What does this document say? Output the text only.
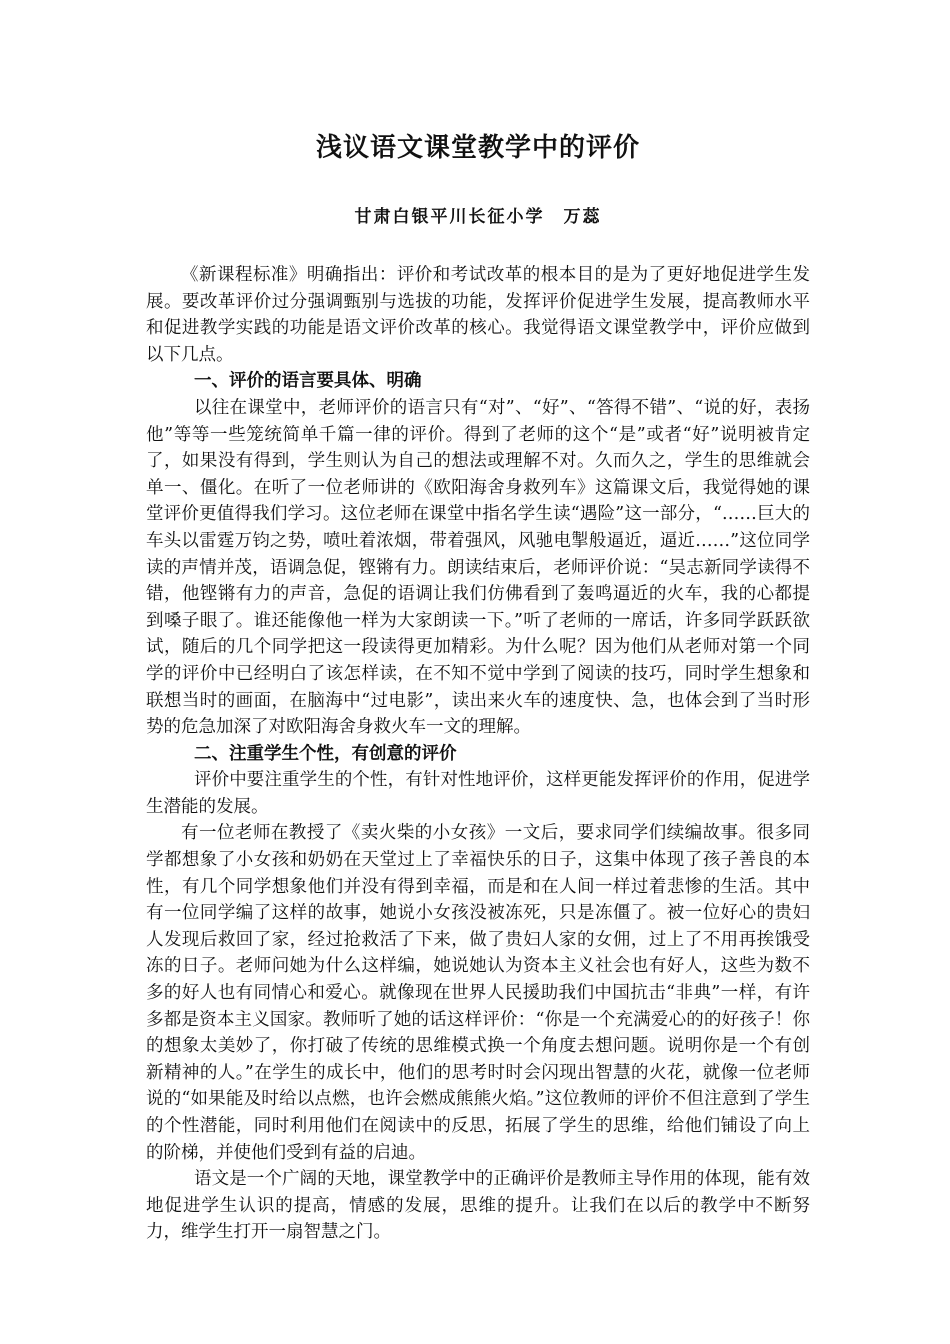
浅议语文课堂教学中的评价
甘肃白银平川长征小学　万蕊

《新课程标准》明确指出：评价和考试改革的根本目的是为了更好地促进学生发展。要改革评价过分强调甄别与选拔的功能，发挥评价促进学生发展，提高教师水平和促进教学实践的功能是语文评价改革的核心。我觉得语文课堂教学中，评价应做到以下几点。

一、评价的语言要具体、明确

以往在课堂中，老师评价的语言只有“对”、“好”、“答得不错”、“说的好，表扬他”等等一些笼统简单千篇一律的评价。得到了老师的这个“是”或者“好”说明被肯定了，如果没有得到，学生则认为自己的想法或理解不对。久而久之，学生的思维就会单一、僵化。在听了一位老师讲的《欧阳海舍身救列车》这篇课文后，我觉得她的课堂评价更值得我们学习。这位老师在课堂中指名学生读“遇险”这一部分，“……巨大的车头以雷霆万钧之势，喷吐着浓烟，带着强风，风驰电掣般逼近，逼近……”这位同学读的声情并茂，语调急促，铿锵有力。朗读结束后，老师评价说：“吴志新同学读得不错，他铿锵有力的声音，急促的语调让我们仿佛看到了轰鸣逼近的火车，我的心都提到嗓子眼了。谁还能像他一样为大家朗读一下。”听了老师的一席话，许多同学跃跃欲试，随后的几个同学把这一段读得更加精彩。为什么呢？因为他们从老师对第一个同学的评价中已经明白了该怎样读，在不知不觉中学到了阅读的技巧，同时学生想象和联想当时的画面，在脑海中“过电影”，读出来火车的速度快、急，也体会到了当时形势的危急加深了对欧阳海舍身救火车一文的理解。

二、注重学生个性，有创意的评价

评价中要注重学生的个性，有针对性地评价，这样更能发挥评价的作用，促进学生潜能的发展。

有一位老师在教授了《卖火柴的小女孩》一文后，要求同学们续编故事。很多同学都想象了小女孩和奶奶在天堂过上了幸福快乐的日子，这集中体现了孩子善良的本性，有几个同学想象他们并没有得到幸福，而是和在人间一样过着悲惨的生活。其中有一位同学编了这样的故事，她说小女孩没被冻死，只是冻僵了。被一位好心的贵妇人发现后救回了家，经过抢救活了下来，做了贵妇人家的女佣，过上了不用再挨饿受冻的日子。老师问她为什么这样编，她说她认为资本主义社会也有好人，这些为数不多的好人也有同情心和爱心。就像现在世界人民援助我们中国抗击“非典”一样，有许多都是资本主义国家。教师听了她的话这样评价：“你是一个充满爱心的的好孩子！你的想象太美妙了，你打破了传统的思维模式换一个角度去想问题。说明你是一个有创新精神的人。”在学生的成长中，他们的思考时时会闪现出智慧的火花，就像一位老师说的“如果能及时给以点燃，也许会燃成熊熊火焰。”这位教师的评价不但注意到了学生的个性潜能，同时利用他们在阅读中的反思，拓展了学生的思维，给他们铺设了向上的阶梯，并使他们受到有益的启迪。

语文是一个广阔的天地，课堂教学中的正确评价是教师主导作用的体现，能有效地促进学生认识的提高，情感的发展，思维的提升。让我们在以后的教学中不断努力，维学生打开一扇智慧之门。
